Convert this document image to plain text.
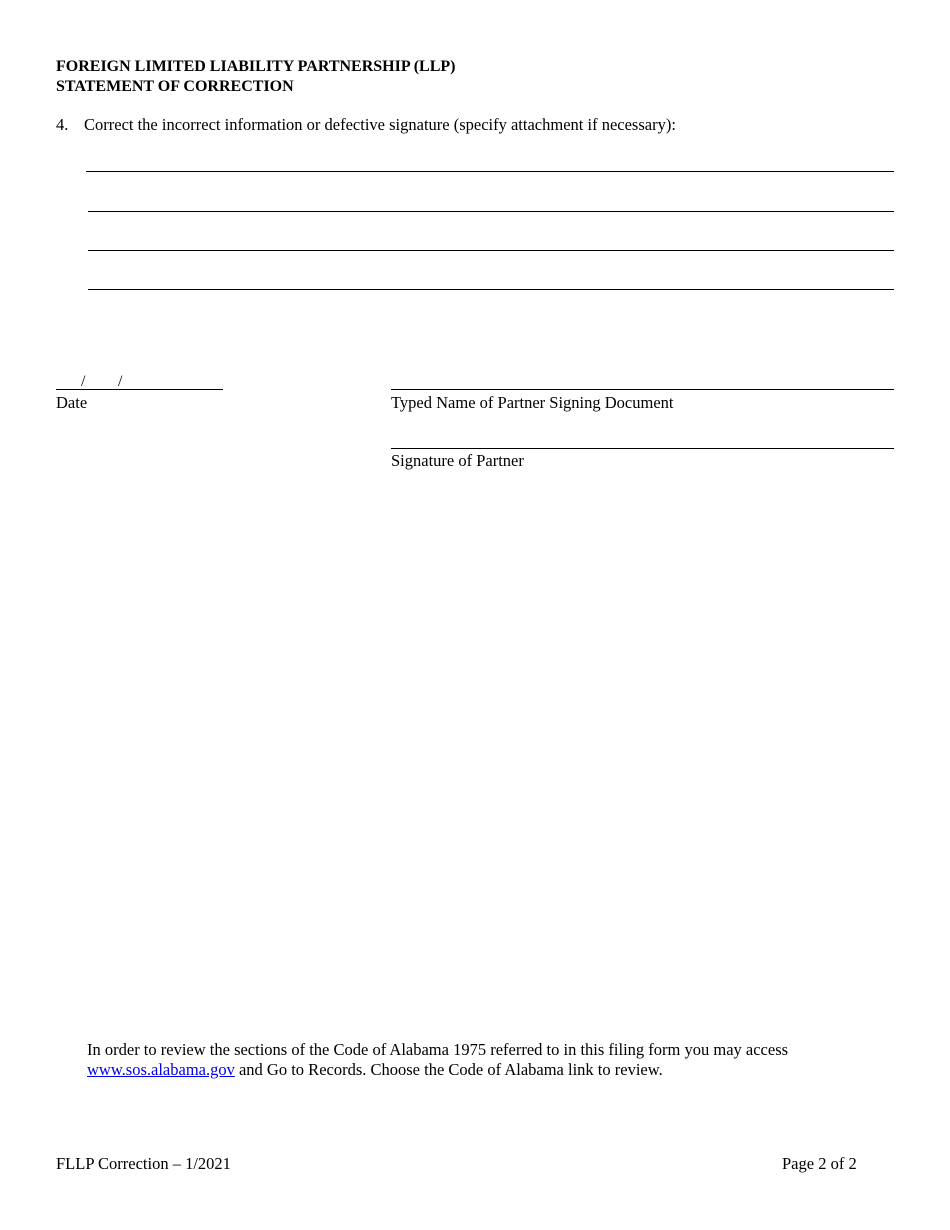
FOREIGN LIMITED LIABILITY PARTNERSHIP (LLP)
STATEMENT OF CORRECTION
4. Correct the incorrect information or defective signature (specify attachment if necessary):
/ /
Date	Typed Name of Partner Signing Document
Signature of Partner
In order to review the sections of the Code of Alabama 1975 referred to in this filing form you may access
www.sos.alabama.gov and Go to Records. Choose the Code of Alabama link to review.
FLLP Correction – 1/2021	Page 2 of 2
